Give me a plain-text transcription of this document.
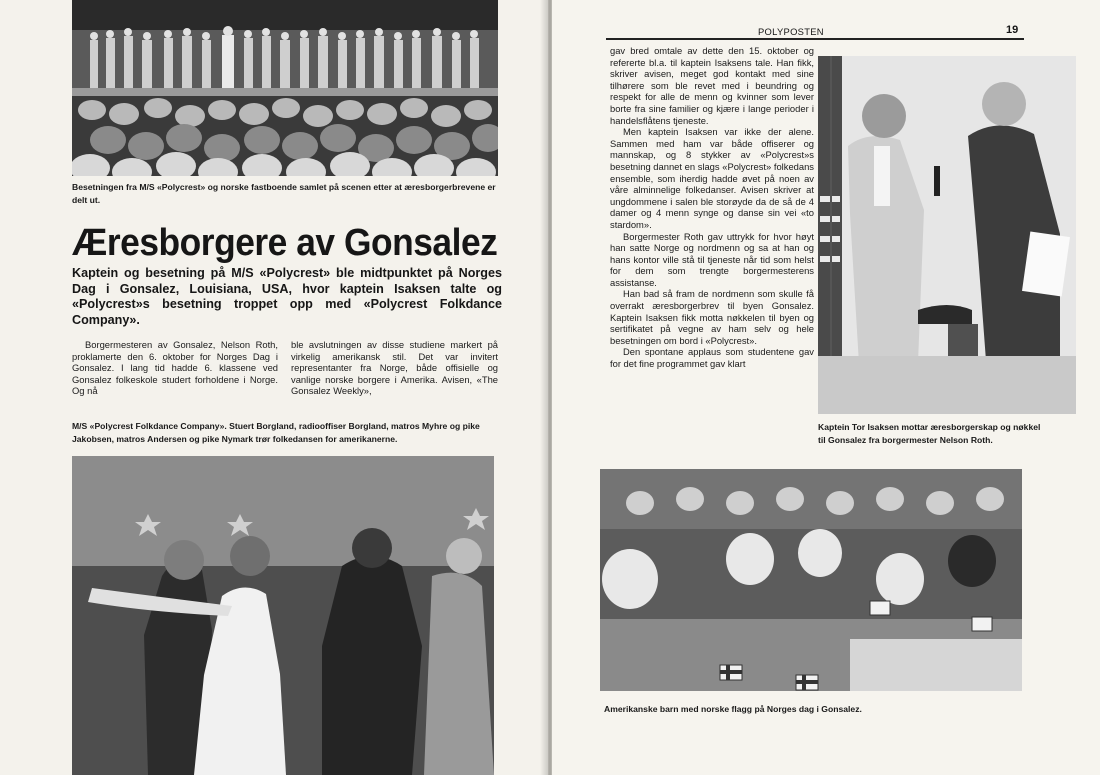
Besetningen fra M/S «Polycrest» og norske fastboende samlet på scenen etter at æresborgerbrevene er delt ut.
Æresborgere av Gonsalez
Kaptein og besetning på M/S «Polycrest» ble midtpunktet på Norges Dag i Gonsalez, Louisiana, USA, hvor kaptein Isaksen talte og «Polycrest»s besetning troppet opp med «Polycrest Folkdance Company».

Borgermesteren av Gonsalez, Nelson Roth, proklamerte den 6. oktober for Norges Dag i Gonsalez. I lang tid hadde 6. klassene ved Gonsalez folkeskole studert forholdene i Norge. Og nå

ble avslutningen av disse studiene markert på virkelig amerikansk stil. Det var invitert representanter fra Norge, både offisielle og vanlige norske borgere i Amerika. Avisen, «The Gonsalez Weekly»,

M/S «Polycrest Folkdance Company». Stuert Borgland, radiooffiser Borgland, matros Myhre og pike Jakobsen, matros Andersen og pike Nymark trør folkedansen for amerikanerne.
POLYPOSTEN	19

gav bred omtale av dette den 15. oktober og refererte bl.a. til kaptein Isaksens tale. Han fikk, skriver avisen, meget god kontakt med sine tilhørere som ble revet med i beundring og respekt for alle de menn og kvinner som lever borte fra sine familier og kjære i lange perioder i handelsflåtens tjeneste.

Men kaptein Isaksen var ikke der alene. Sammen med ham var både offiserer og mannskap, og 8 stykker av «Polycrest»s besetning dannet en slags «Polycrest» folkedans ensemble, som iherdig hadde øvet på noen av våre alminnelige folkedanser. Avisen skriver at ungdommene i salen ble storøyde da de så de 4 damer og 4 menn synge og danse sin vei «to stardom».

Borgermester Roth gav uttrykk for hvor høyt han satte Norge og nordmenn og sa at han og hans kontor ville stå til tjeneste når tid som helst for dem som trengte borgermesterens assistanse.

Han bad så fram de nordmenn som skulle få overrakt æresborgerbrev til byen Gonsalez. Kaptein Isaksen fikk motta nøkkelen til byen og sertifikatet på vegne av ham selv og hele besetningen om bord i «Polycrest».

Den spontane applaus som studentene gav for det fine programmet gav klart

Kaptein Tor Isaksen mottar æresborgerskap og nøkkel til Gonsalez fra borgermester Nelson Roth.
Amerikanske barn med norske flagg på Norges dag i Gonsalez.
